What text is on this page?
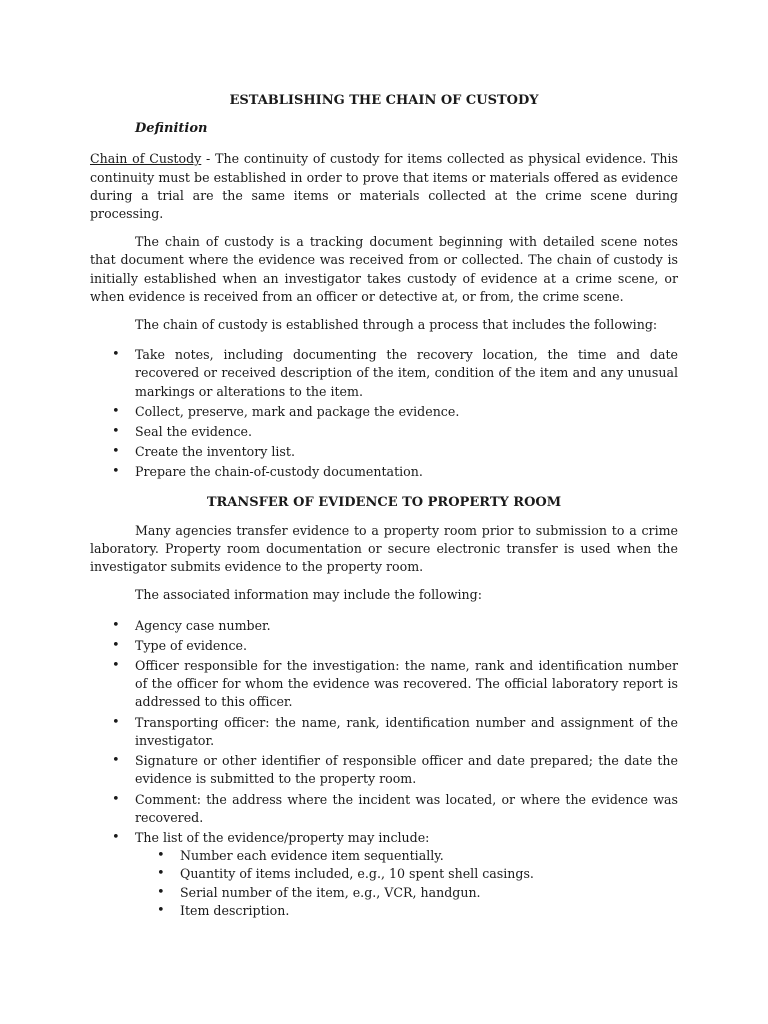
ESTABLISHING THE CHAIN OF CUSTODY

Definition

Chain of Custody - The continuity of custody for items collected as physical evidence. This continuity must be established in order to prove that items or materials offered as evidence during a trial are the same items or materials collected at the crime scene during processing.

The chain of custody is a tracking document beginning with detailed scene notes that document where the evidence was received from or collected. The chain of custody is initially established when an investigator takes custody of evidence at a crime scene, or when evidence is received from an officer or detective at, or from, the crime scene.

The chain of custody is established through a process that includes the following:

• Take notes, including documenting the recovery location, the time and date recovered or received description of the item, condition of the item and any unusual markings or alterations to the item.
• Collect, preserve, mark and package the evidence.
• Seal the evidence.
• Create the inventory list.
• Prepare the chain-of-custody documentation.

TRANSFER OF EVIDENCE TO PROPERTY ROOM

Many agencies transfer evidence to a property room prior to submission to a crime laboratory. Property room documentation or secure electronic transfer is used when the investigator submits evidence to the property room.

The associated information may include the following:

• Agency case number.
• Type of evidence.
• Officer responsible for the investigation: the name, rank and identification number of the officer for whom the evidence was recovered. The official laboratory report is addressed to this officer.
• Transporting officer: the name, rank, identification number and assignment of the investigator.
• Signature or other identifier of responsible officer and date prepared; the date the evidence is submitted to the property room.
• Comment: the address where the incident was located, or where the evidence was recovered.
• The list of the evidence/property may include:
• Number each evidence item sequentially.
• Quantity of items included, e.g., 10 spent shell casings.
• Serial number of the item, e.g., VCR, handgun.
• Item description.
